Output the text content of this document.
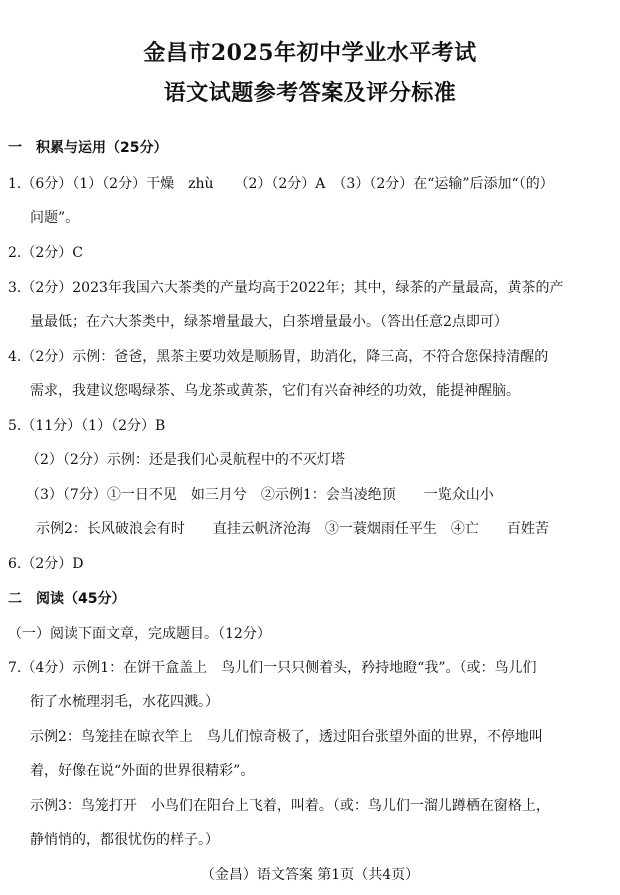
金昌市2025年初中学业水平考试
语文试题参考答案及评分标准
一　积累与运用（25分）
1.（6分）（1）（2分）干燥　zhù　　（2）（2分）A　（3）（2分）在“运输”后添加“（的）
问题”。
2.（2分）C
3.（2分）2023年我国六大茶类的产量均高于2022年；其中，绿茶的产量最高，黄茶的产
量最低；在六大茶类中，绿茶增量最大，白茶增量最小。（答出任意2点即可）
4.（2分）示例：爸爸，黑茶主要功效是顺肠胃，助消化，降三高，不符合您保持清醒的
需求，我建议您喝绿茶、乌龙茶或黄茶，它们有兴奋神经的功效，能提神醒脑。
5.（11分）（1）（2分）B
（2）（2分）示例：还是我们心灵航程中的不灭灯塔
（3）（7分）①一日不见　如三月兮　②示例1：会当凌绝顶　　一览众山小
示例2：长风破浪会有时　　直挂云帆济沧海　③一蓑烟雨任平生　④亡　　百姓苦
6.（2分）D
二　阅读（45分）
（一）阅读下面文章，完成题目。（12分）
7.（4分）示例1：在饼干盒盖上　鸟儿们一只只侧着头，矜持地瞪“我”。（或：鸟儿们
衔了水梳理羽毛，水花四溅。）
示例2：鸟笼挂在晾衣竿上　鸟儿们惊奇极了，透过阳台张望外面的世界，不停地叫
着，好像在说“外面的世界很精彩”。
示例3：鸟笼打开　小鸟们在阳台上飞着，叫着。（或：鸟儿们一溜儿蹲栖在窗格上，
静悄悄的，都很忧伤的样子。）
（金昌）语文答案 第1页（共4页）
